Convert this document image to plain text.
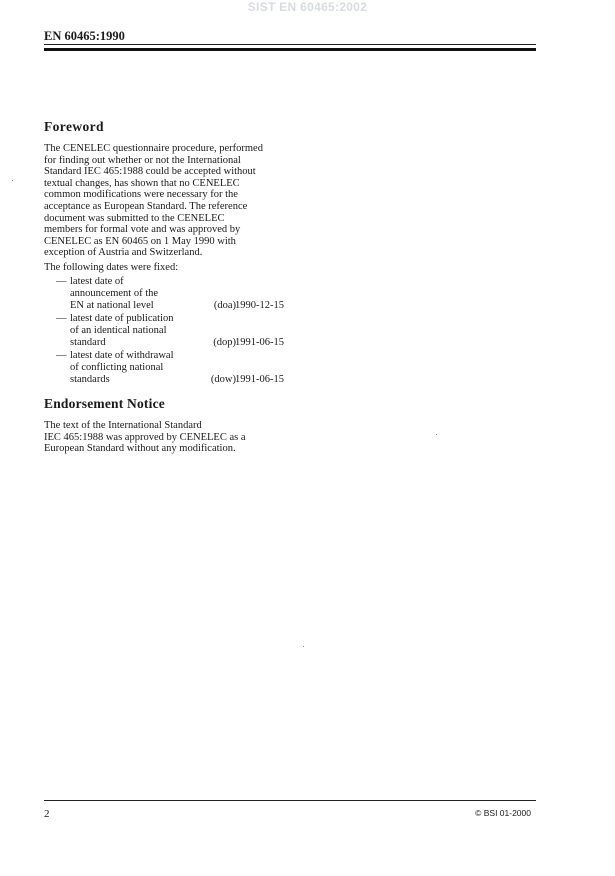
SIST EN 60465:2002
EN 60465:1990
Foreword
The CENELEC questionnaire procedure, performed
for finding out whether or not the International
Standard IEC 465:1988 could be accepted without
textual changes, has shown that no CENELEC
common modifications were necessary for the
acceptance as European Standard. The reference
document was submitted to the CENELEC
members for formal vote and was approved by
CENELEC as EN 60465 on 1 May 1990 with
exception of Austria and Switzerland.
The following dates were fixed:
— latest date of
announcement of the
EN at national level	(doa) 1990-12-15
— latest date of publication
of an identical national
standard	(dop) 1991-06-15
— latest date of withdrawal
of conflicting national
standards	(dow) 1991-06-15
Endorsement Notice
The text of the International Standard
IEC 465:1988 was approved by CENELEC as a
European Standard without any modification.
2	© BSI 01-2000
